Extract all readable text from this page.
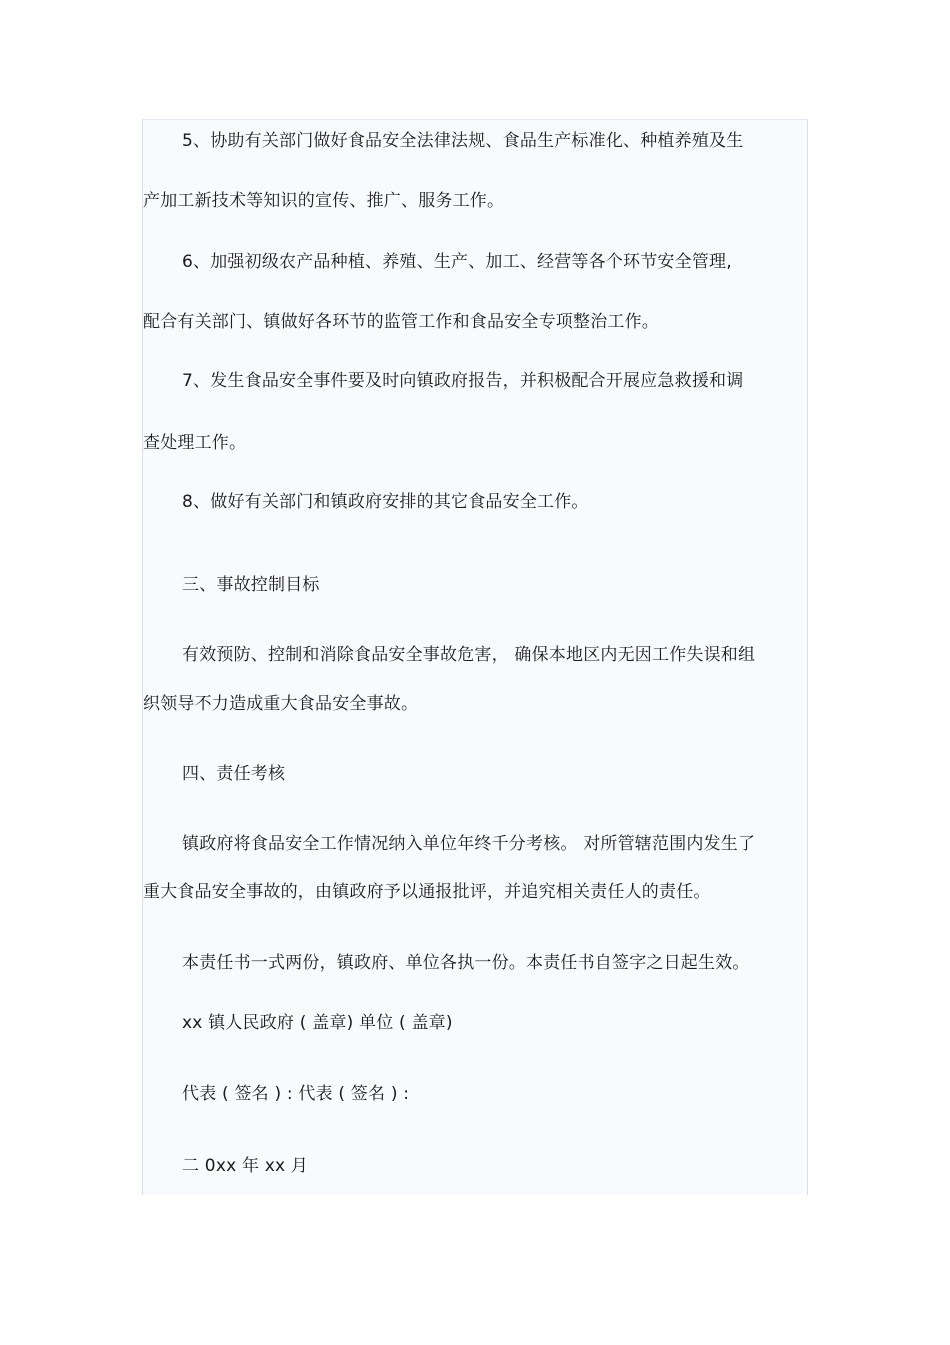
5、协助有关部门做好食品安全法律法规、食品生产标准化、种植养殖及生
产加工新技术等知识的宣传、推广、服务工作。
6、加强初级农产品种植、养殖、生产、加工、经营等各个环节安全管理,
配合有关部门、镇做好各环节的监管工作和食品安全专项整治工作。
7、发生食品安全事件要及时向镇政府报告，并积极配合开展应急救援和调
查处理工作。
8、做好有关部门和镇政府安排的其它食品安全工作。
三、事故控制目标
有效预防、控制和消除食品安全事故危害， 确保本地区内无因工作失误和组
织领导不力造成重大食品安全事故。
四、责任考核
镇政府将食品安全工作情况纳入单位年终千分考核。 对所管辖范围内发生了
重大食品安全事故的，由镇政府予以通报批评，并追究相关责任人的责任。
本责任书一式两份，镇政府、单位各执一份。本责任书自签字之日起生效。
xx 镇人民政府 ( 盖章) 单位 ( 盖章)
代表 ( 签名 ) : 代表 ( 签名 ) :
二 0xx 年 xx 月
